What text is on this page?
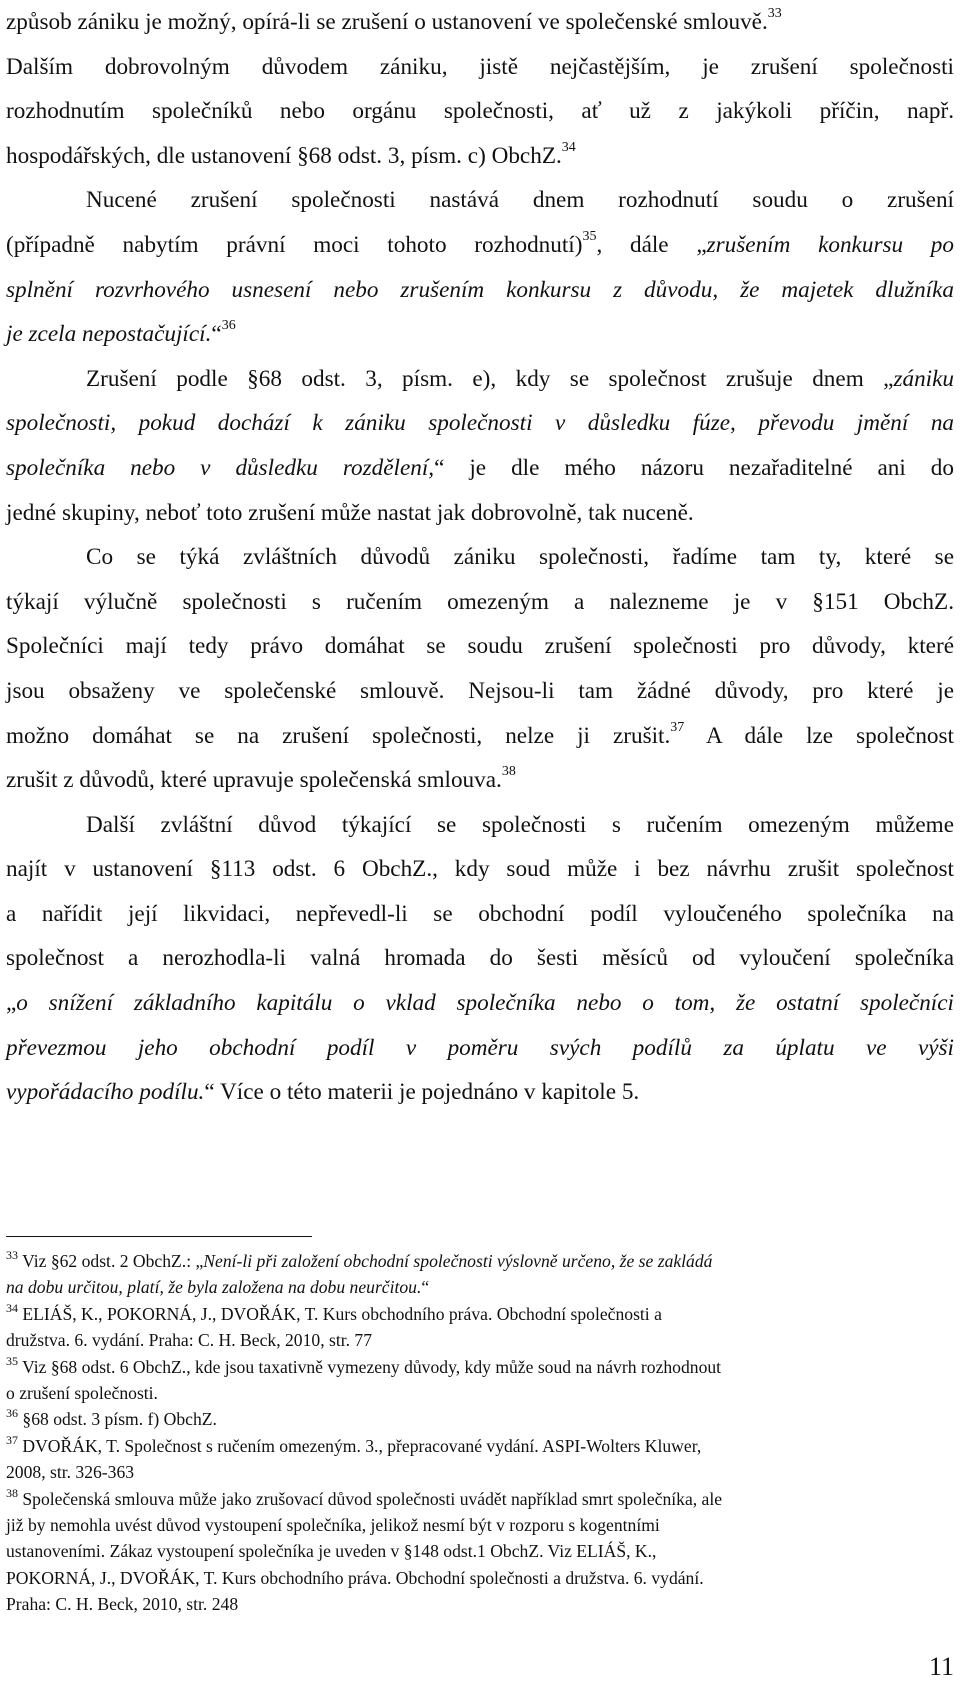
způsob zániku je možný, opírá-li se zrušení o ustanovení ve společenské smlouvě.$^{33}$
Dalším dobrovolným důvodem zániku, jistě nejčastějším, je zrušení společnosti
rozhodnutím společníků nebo orgánu společnosti, ať už z jakýkoli příčin, např.
hospodářských, dle ustanovení §68 odst. 3, písm. c) ObchZ.$^{34}$
Nucené zrušení společnosti nastává dnem rozhodnutí soudu o zrušení
(případně nabytím právní moci tohoto rozhodnutí)$^{35}$, dále „zrušením konkursu po
splnění rozvrhového usnesení nebo zrušením konkursu z důvodu, že majetek dlužníka
je zcela nepostačující.“$^{36}$
Zrušení podle §68 odst. 3, písm. e), kdy se společnost zrušuje dnem „zániku
společnosti, pokud dochází k zániku společnosti v důsledku fúze, převodu jmění na
společníka nebo v důsledku rozdělení,“ je dle mého názoru nezařaditelné ani do
jedné skupiny, neboť toto zrušení může nastat jak dobrovolně, tak nuceně.
Co se týká zvláštních důvodů zániku společnosti, řadíme tam ty, které se
týkají výlučně společnosti s ručením omezeným a nalezneme je v §151 ObchZ.
Společníci mají tedy právo domáhat se soudu zrušení společnosti pro důvody, které
jsou obsaženy ve společenské smlouvě. Nejsou-li tam žádné důvody, pro které je
možno domáhat se na zrušení společnosti, nelze ji zrušit.$^{37}$ A dále lze společnost
zrušit z důvodů, které upravuje společenská smlouva.$^{38}$
Další zvláštní důvod týkající se společnosti s ručením omezeným můžeme
najít v ustanovení §113 odst. 6 ObchZ., kdy soud může i bez návrhu zrušit společnost
a nařídit její likvidaci, nepřevedl-li se obchodní podíl vyloučeného společníka na
společnost a nerozhodla-li valná hromada do šesti měsíců od vyloučení společníka
„o snížení základního kapitálu o vklad společníka nebo o tom, že ostatní společníci
převezmou jeho obchodní podíl v poměru svých podílů za úplatu ve výši
vypořádacího podílu.“ Více o této materii je pojednáno v kapitole 5.
$^{33}$ Viz §62 odst. 2 ObchZ.: „Není-li při založení obchodní společnosti výslovně určeno, že se zakládá
na dobu určitou, platí, že byla založena na dobu neurčitou.“
$^{34}$ ELIÁŠ, K., POKORNÁ, J., DVOŘÁK, T. Kurs obchodního práva. Obchodní společnosti a
družstva. 6. vydání. Praha: C. H. Beck, 2010, str. 77
$^{35}$ Viz §68 odst. 6 ObchZ., kde jsou taxativně vymezeny důvody, kdy může soud na návrh rozhodnout
o zrušení společnosti.
$^{36}$ §68 odst. 3 písm. f) ObchZ.
$^{37}$ DVOŘÁK, T. Společnost s ručením omezeným. 3., přepracované vydání. ASPI-Wolters Kluwer,
2008, str. 326-363
$^{38}$ Společenská smlouva může jako zrušovací důvod společnosti uvádět například smrt společníka, ale
již by nemohla uvést důvod vystoupení společníka, jelikož nesmí být v rozporu s kogentními
ustanoveními. Zákaz vystoupení společníka je uveden v §148 odst.1 ObchZ. Viz ELIÁŠ, K.,
POKORNÁ, J., DVOŘÁK, T. Kurs obchodního práva. Obchodní společnosti a družstva. 6. vydání.
Praha: C. H. Beck, 2010, str. 248
11
